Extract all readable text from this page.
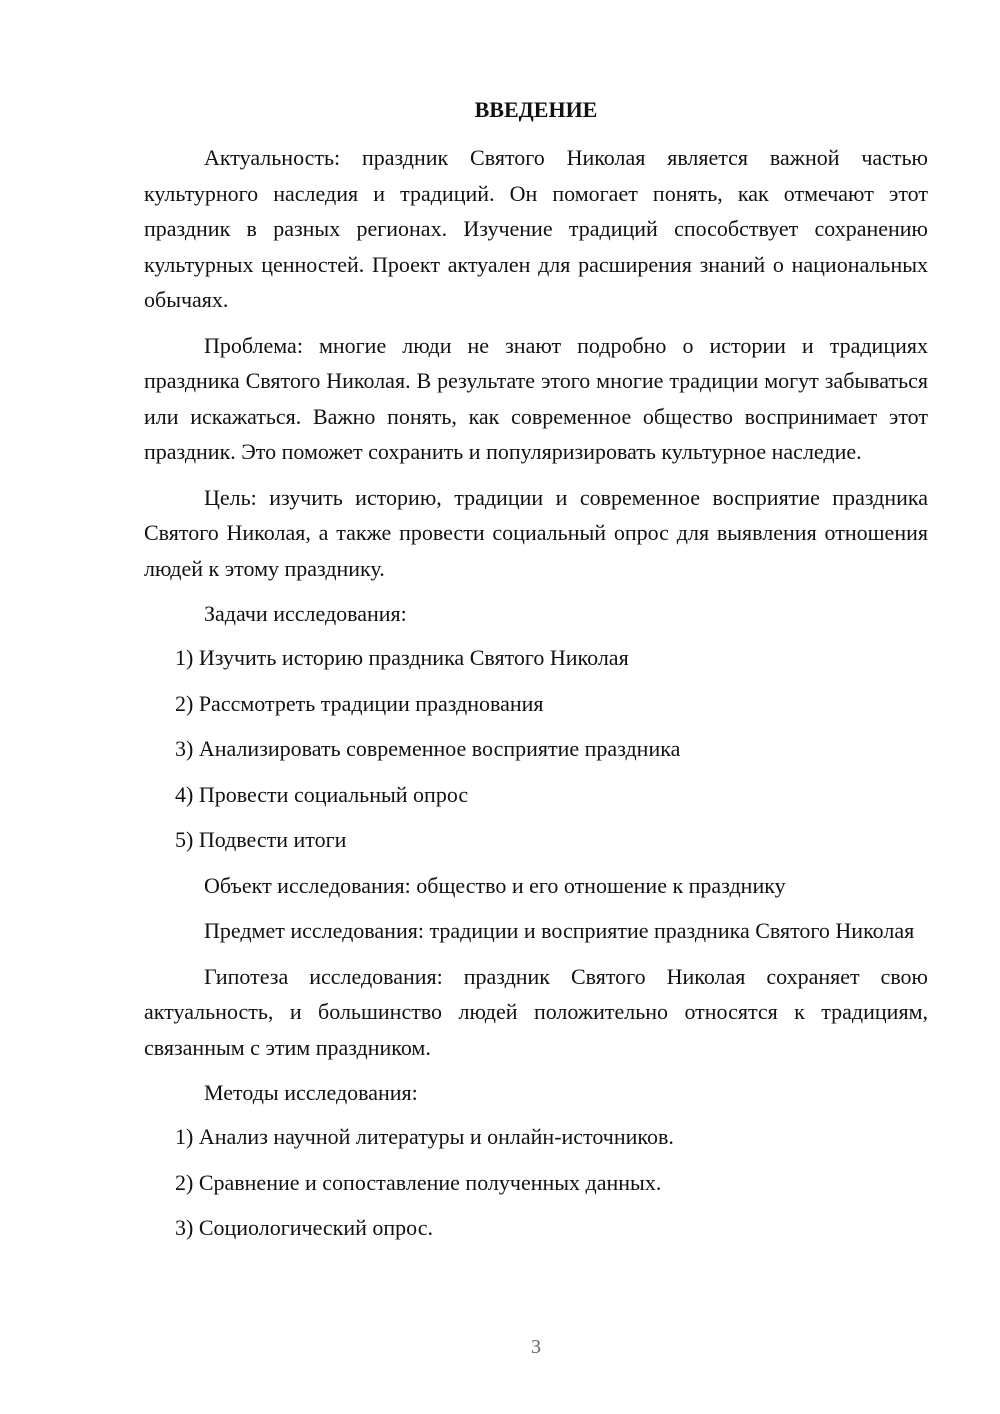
ВВЕДЕНИЕ

Актуальность: праздник Святого Николая является важной частью культурного наследия и традиций. Он помогает понять, как отмечают этот праздник в разных регионах. Изучение традиций способствует сохранению культурных ценностей. Проект актуален для расширения знаний о национальных обычаях.

Проблема: многие люди не знают подробно о истории и традициях праздника Святого Николая. В результате этого многие традиции могут забываться или искажаться. Важно понять, как современное общество воспринимает этот праздник. Это поможет сохранить и популяризировать культурное наследие.

Цель: изучить историю, традиции и современное восприятие праздника Святого Николая, а также провести социальный опрос для выявления отношения людей к этому празднику.

Задачи исследования:
1) Изучить историю праздника Святого Николая
2) Рассмотреть традиции празднования
3) Анализировать современное восприятие праздника
4) Провести социальный опрос
5) Подвести итоги

Объект исследования: общество и его отношение к празднику

Предмет исследования: традиции и восприятие праздника Святого Николая

Гипотеза исследования: праздник Святого Николая сохраняет свою актуальность, и большинство людей положительно относятся к традициям, связанным с этим праздником.

Методы исследования:
1) Анализ научной литературы и онлайн-источников.
2) Сравнение и сопоставление полученных данных.
3) Социологический опрос.
3
